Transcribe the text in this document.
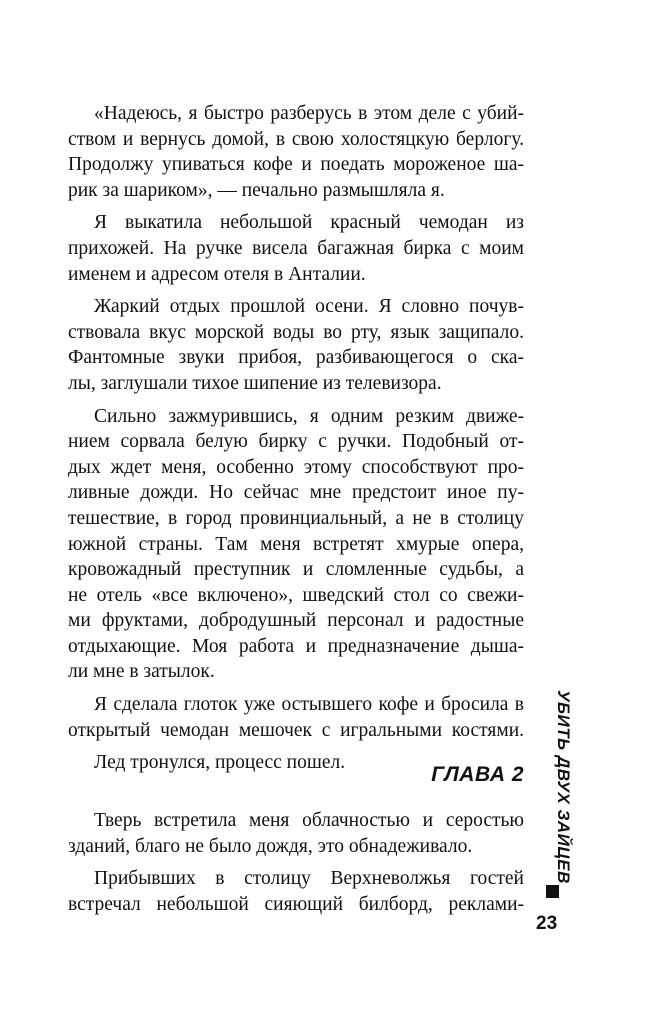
«Надеюсь, я быстро разберусь в этом деле с убий-
ством и вернусь домой, в свою холостяцкую берлогу.
Продолжу упиваться кофе и поедать мороженое ша-
рик за шариком», — печально размышляла я.
Я выкатила небольшой красный чемодан из
прихожей. На ручке висела багажная бирка с моим
именем и адресом отеля в Анталии.
Жаркий отдых прошлой осени. Я словно почув-
ствовала вкус морской воды во рту, язык защипало.
Фантомные звуки прибоя, разбивающегося о ска-
лы, заглушали тихое шипение из телевизора.
Сильно зажмурившись, я одним резким движе-
нием сорвала белую бирку с ручки. Подобный от-
дых ждет меня, особенно этому способствуют про-
ливные дожди. Но сейчас мне предстоит иное пу-
тешествие, в город провинциальный, а не в столицу
южной страны. Там меня встретят хмурые опера,
кровожадный преступник и сломленные судьбы, а
не отель «все включено», шведский стол со свежи-
ми фруктами, добродушный персонал и радостные
отдыхающие. Моя работа и предназначение дыша-
ли мне в затылок.
Я сделала глоток уже остывшего кофе и бросила в
открытый чемодан мешочек с игральными костями.
Лед тронулся, процесс пошел.
ГЛАВА 2
Тверь встретила меня облачностью и серостью
зданий, благо не было дождя, это обнадеживало.
Прибывших в столицу Верхневолжья гостей
встречал небольшой сияющий билборд, реклами-
УБИТЬ ДВУХ ЗАЙЦЕВ
23
